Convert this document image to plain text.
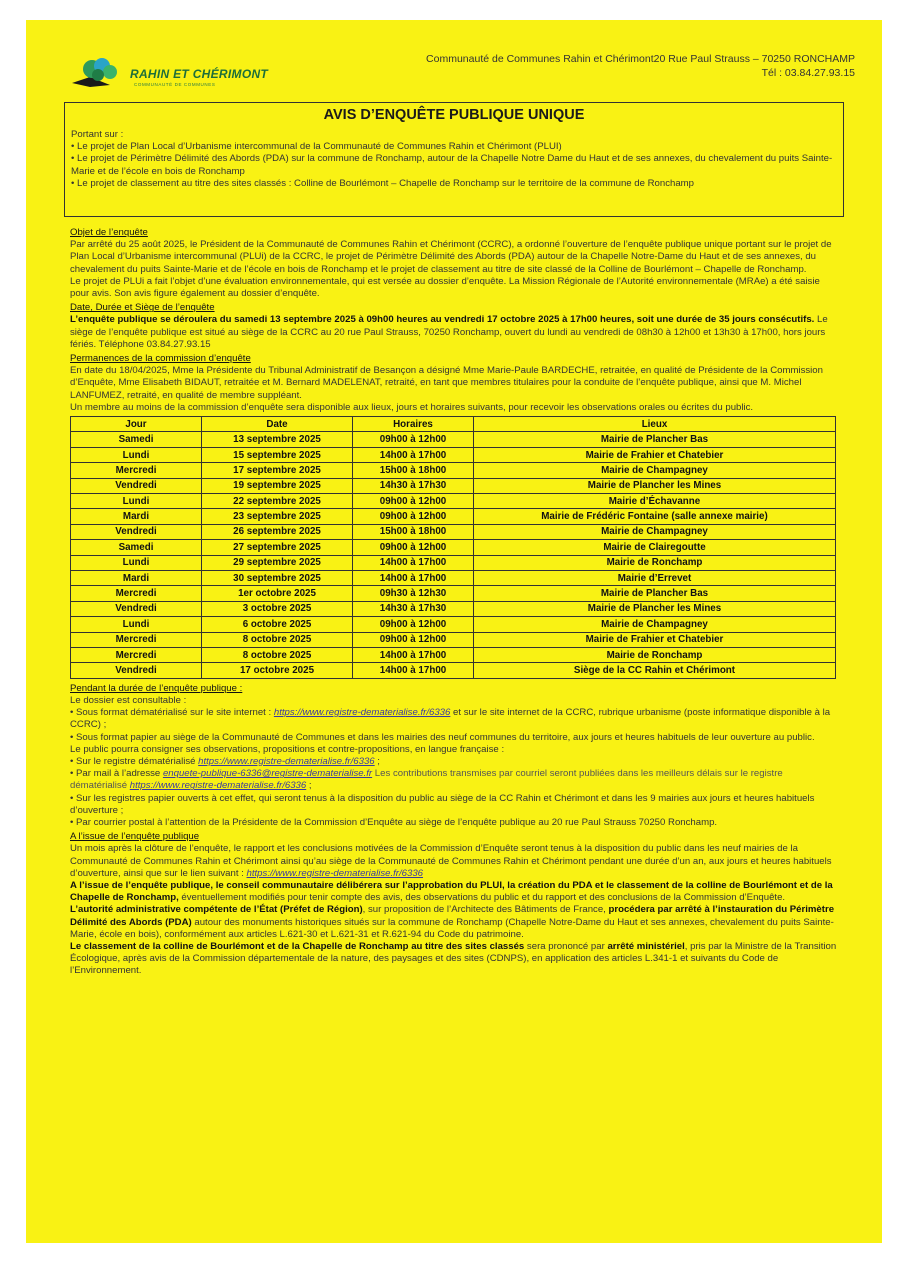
RAHIN ET CHÉRIMONT
COMMUNAUTÉ DE COMMUNES
Communauté de Communes Rahin et Chérimont20 Rue Paul Strauss – 70250 RONCHAMP
Tél : 03.84.27.93.15
AVIS D’ENQUÊTE PUBLIQUE UNIQUE

Portant sur :

• Le projet de Plan Local d’Urbanisme intercommunal de la Communauté de Communes Rahin et Chérimont (PLUI)

• Le projet de Périmètre Délimité des Abords (PDA) sur la commune de Ronchamp, autour de la Chapelle Notre Dame du Haut et de ses annexes, du chevalement du puits Sainte-Marie et de l’école en bois de Ronchamp

• Le projet de classement au titre des sites classés : Colline de Bourlémont – Chapelle de Ronchamp sur le territoire de la commune de Ronchamp

Objet de l’enquête

Par arrêté du 25 août 2025, le Président de la Communauté de Communes Rahin et Chérimont (CCRC), a ordonné l’ouverture de l’enquête publique unique portant sur le projet de Plan Local d’Urbanisme intercommunal (PLUi) de la CCRC, le projet de Périmètre Délimité des Abords (PDA) autour de la Chapelle Notre-Dame du Haut et de ses annexes, du chevalement du puits Sainte-Marie et de l’école en bois de Ronchamp et le projet de classement au titre de site classé de la Colline de Bourlémont – Chapelle de Ronchamp.

Le projet de PLUi a fait l’objet d’une évaluation environnementale, qui est versée au dossier d’enquête. La Mission Régionale de l’Autorité environnementale (MRAe) a été saisie pour avis. Son avis figure également au dossier d’enquête.

Date, Durée et Siège de l’enquête

L’enquête publique se déroulera du samedi 13 septembre 2025 à 09h00 heures au vendredi 17 octobre 2025 à 17h00 heures, soit une durée de 35 jours consécutifs. Le siège de l’enquête publique est situé au siège de la CCRC au 20 rue Paul Strauss, 70250 Ronchamp, ouvert du lundi au vendredi de 08h30 à 12h00 et 13h30 à 17h00, hors jours fériés. Téléphone 03.84.27.93.15

Permanences de la commission d’enquête

En date du 18/04/2025, Mme la Présidente du Tribunal Administratif de Besançon a désigné Mme Marie-Paule BARDECHE, retraitée, en qualité de Présidente de la Commission d’Enquête, Mme Elisabeth BIDAUT, retraitée et M. Bernard MADELENAT, retraité, en tant que membres titulaires pour la conduite de l’enquête publique, ainsi que M. Michel LANFUMEZ, retraité, en qualité de membre suppléant.

Un membre au moins de la commission d’enquête sera disponible aux lieux, jours et horaires suivants, pour recevoir les observations orales ou écrites du public.

Jour	Date	Horaires	Lieux
Samedi	13 septembre 2025	09h00 à 12h00	Mairie de Plancher Bas
Lundi	15 septembre 2025	14h00 à 17h00	Mairie de Frahier et Chatebier
Mercredi	17 septembre 2025	15h00 à 18h00	Mairie de Champagney
Vendredi	19 septembre 2025	14h30 à 17h30	Mairie de Plancher les Mines
Lundi	22 septembre 2025	09h00 à 12h00	Mairie d’Échavanne
Mardi	23 septembre 2025	09h00 à 12h00	Mairie de Frédéric Fontaine (salle annexe mairie)
Vendredi	26 septembre 2025	15h00 à 18h00	Mairie de Champagney
Samedi	27 septembre 2025	09h00 à 12h00	Mairie de Clairegoutte
Lundi	29 septembre 2025	14h00 à 17h00	Mairie de Ronchamp
Mardi	30 septembre 2025	14h00 à 17h00	Mairie d’Errevet
Mercredi	1er octobre 2025	09h30 à 12h30	Mairie de Plancher Bas
Vendredi	3 octobre 2025	14h30 à 17h30	Mairie de Plancher les Mines
Lundi	6 octobre 2025	09h00 à 12h00	Mairie de Champagney
Mercredi	8 octobre 2025	09h00 à 12h00	Mairie de Frahier et Chatebier
Mercredi	8 octobre 2025	14h00 à 17h00	Mairie de Ronchamp
Vendredi	17 octobre 2025	14h00 à 17h00	Siège de la CC Rahin et Chérimont

Pendant la durée de l’enquête publique :

Le dossier est consultable :

• Sous format dématérialisé sur le site internet : https://www.registre-dematerialise.fr/6336 et sur le site internet de la CCRC, rubrique urbanisme (poste informatique disponible à la CCRC) ;

• Sous format papier au siège de la Communauté de Communes et dans les mairies des neuf communes du territoire, aux jours et heures habituels de leur ouverture au public.

Le public pourra consigner ses observations, propositions et contre-propositions, en langue française :

• Sur le registre dématérialisé https://www.registre-dematerialise.fr/6336 ;

• Par mail à l’adresse enquete-publique-6336@registre-dematerialise.fr Les contributions transmises par courriel seront publiées dans les meilleurs délais sur le registre dématérialisé https://www.registre-dematerialise.fr/6336 ;

• Sur les registres papier ouverts à cet effet, qui seront tenus à la disposition du public au siège de la CC Rahin et Chérimont et dans les 9 mairies aux jours et heures habituels d’ouverture ;

• Par courrier postal à l’attention de la Présidente de la Commission d’Enquête au siège de l’enquête publique au 20 rue Paul Strauss 70250 Ronchamp.

A l’issue de l’enquête publique

Un mois après la clôture de l’enquête, le rapport et les conclusions motivées de la Commission d’Enquête seront tenus à la disposition du public dans les neuf mairies de la Communauté de Communes Rahin et Chérimont ainsi qu’au siège de la Communauté de Communes Rahin et Chérimont pendant une durée d’un an, aux jours et heures habituels d’ouverture, ainsi que sur le lien suivant : https://www.registre-dematerialise.fr/6336

A l’issue de l’enquête publique, le conseil communautaire délibérera sur l’approbation du PLUI, la création du PDA et le classement de la colline de Bourlémont et de la Chapelle de Ronchamp, éventuellement modifiés pour tenir compte des avis, des observations du public et du rapport et des conclusions de la Commission d’Enquête.

L’autorité administrative compétente de l’État (Préfet de Région), sur proposition de l’Architecte des Bâtiments de France, procédera par arrêté à l’instauration du Périmètre Délimité des Abords (PDA) autour des monuments historiques situés sur la commune de Ronchamp (Chapelle Notre-Dame du Haut et ses annexes, chevalement du puits Sainte-Marie, école en bois), conformément aux articles L.621-30 et L.621-31 et R.621-94 du Code du patrimoine.

Le classement de la colline de Bourlémont et de la Chapelle de Ronchamp au titre des sites classés sera prononcé par arrêté ministériel, pris par la Ministre de la Transition Écologique, après avis de la Commission départementale de la nature, des paysages et des sites (CDNPS), en application des articles L.341-1 et suivants du Code de l’Environnement.
